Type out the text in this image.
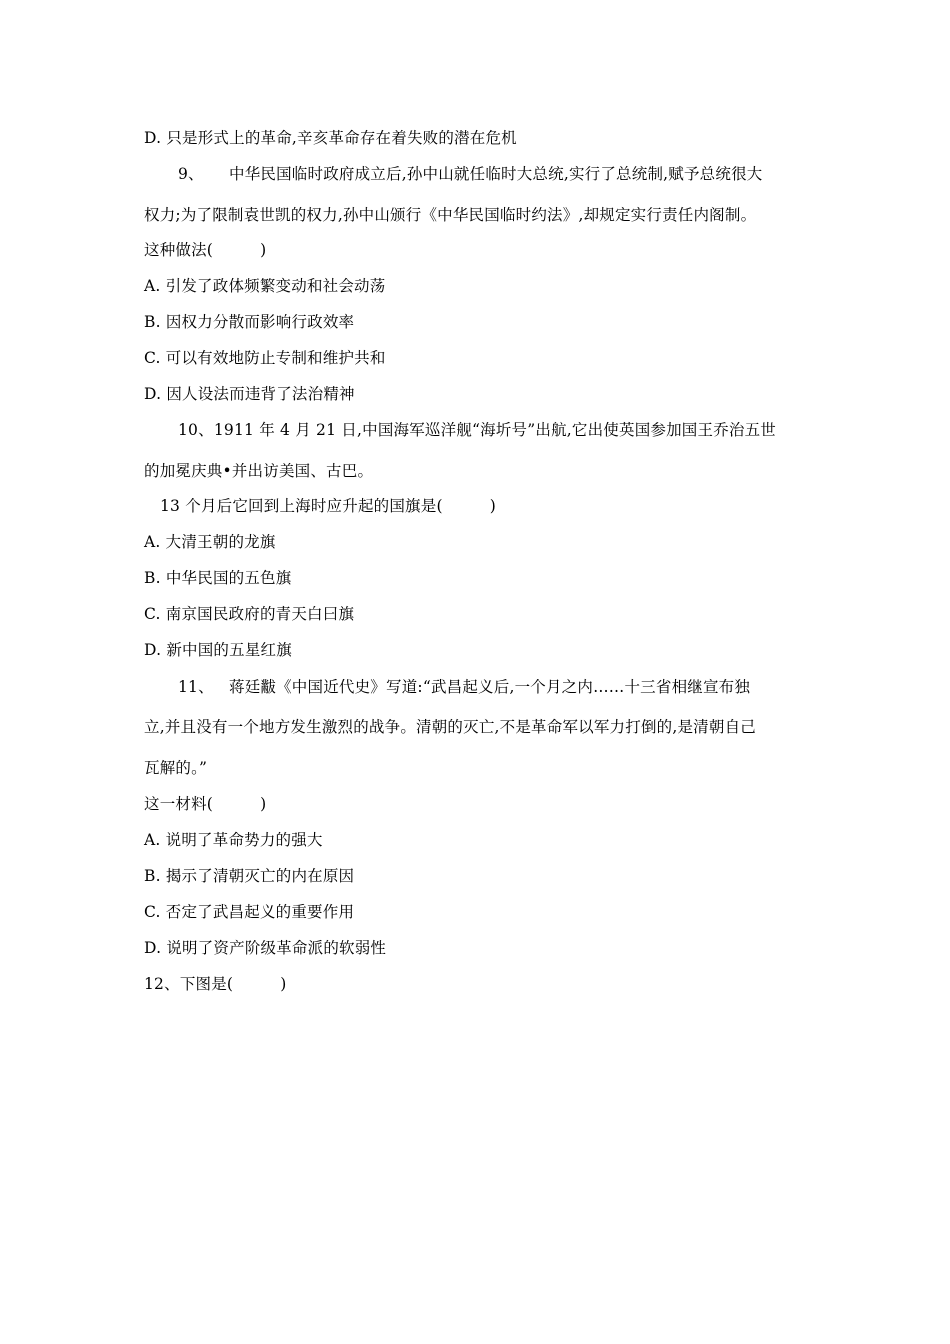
D. 只是形式上的革命,辛亥革命存在着失败的潜在危机
9、 中华民国临时政府成立后,孙中山就任临时大总统,实行了总统制,赋予总统很大
权力;为了限制袁世凯的权力,孙中山颁行《中华民国临时约法》,却规定实行责任内阁制。
这种做法(　　　)
A. 引发了政体频繁变动和社会动荡
B. 因权力分散而影响行政效率
C. 可以有效地防止专制和维护共和
D. 因人设法而违背了法治精神
10、1911 年 4 月 21 日,中国海军巡洋舰“海圻号”出航,它出使英国参加国王乔治五世
的加冕庆典•并出访美国、古巴。
13 个月后它回到上海时应升起的国旗是(　　　)
A. 大清王朝的龙旗
B. 中华民国的五色旗
C. 南京国民政府的青天白曰旗
D. 新中国的五星红旗
11、 蒋廷黻《中国近代史》写道:“武昌起义后,一个月之内……十三省相继宣布独
立,并且没有一个地方发生激烈的战争。清朝的灭亡,不是革命军以军力打倒的,是清朝自己
瓦解的。”
这一材料(　　　)
A. 说明了革命势力的强大
B. 揭示了清朝灭亡的内在原因
C. 否定了武昌起义的重要作用
D. 说明了资产阶级革命派的软弱性
12、下图是(　　　)
